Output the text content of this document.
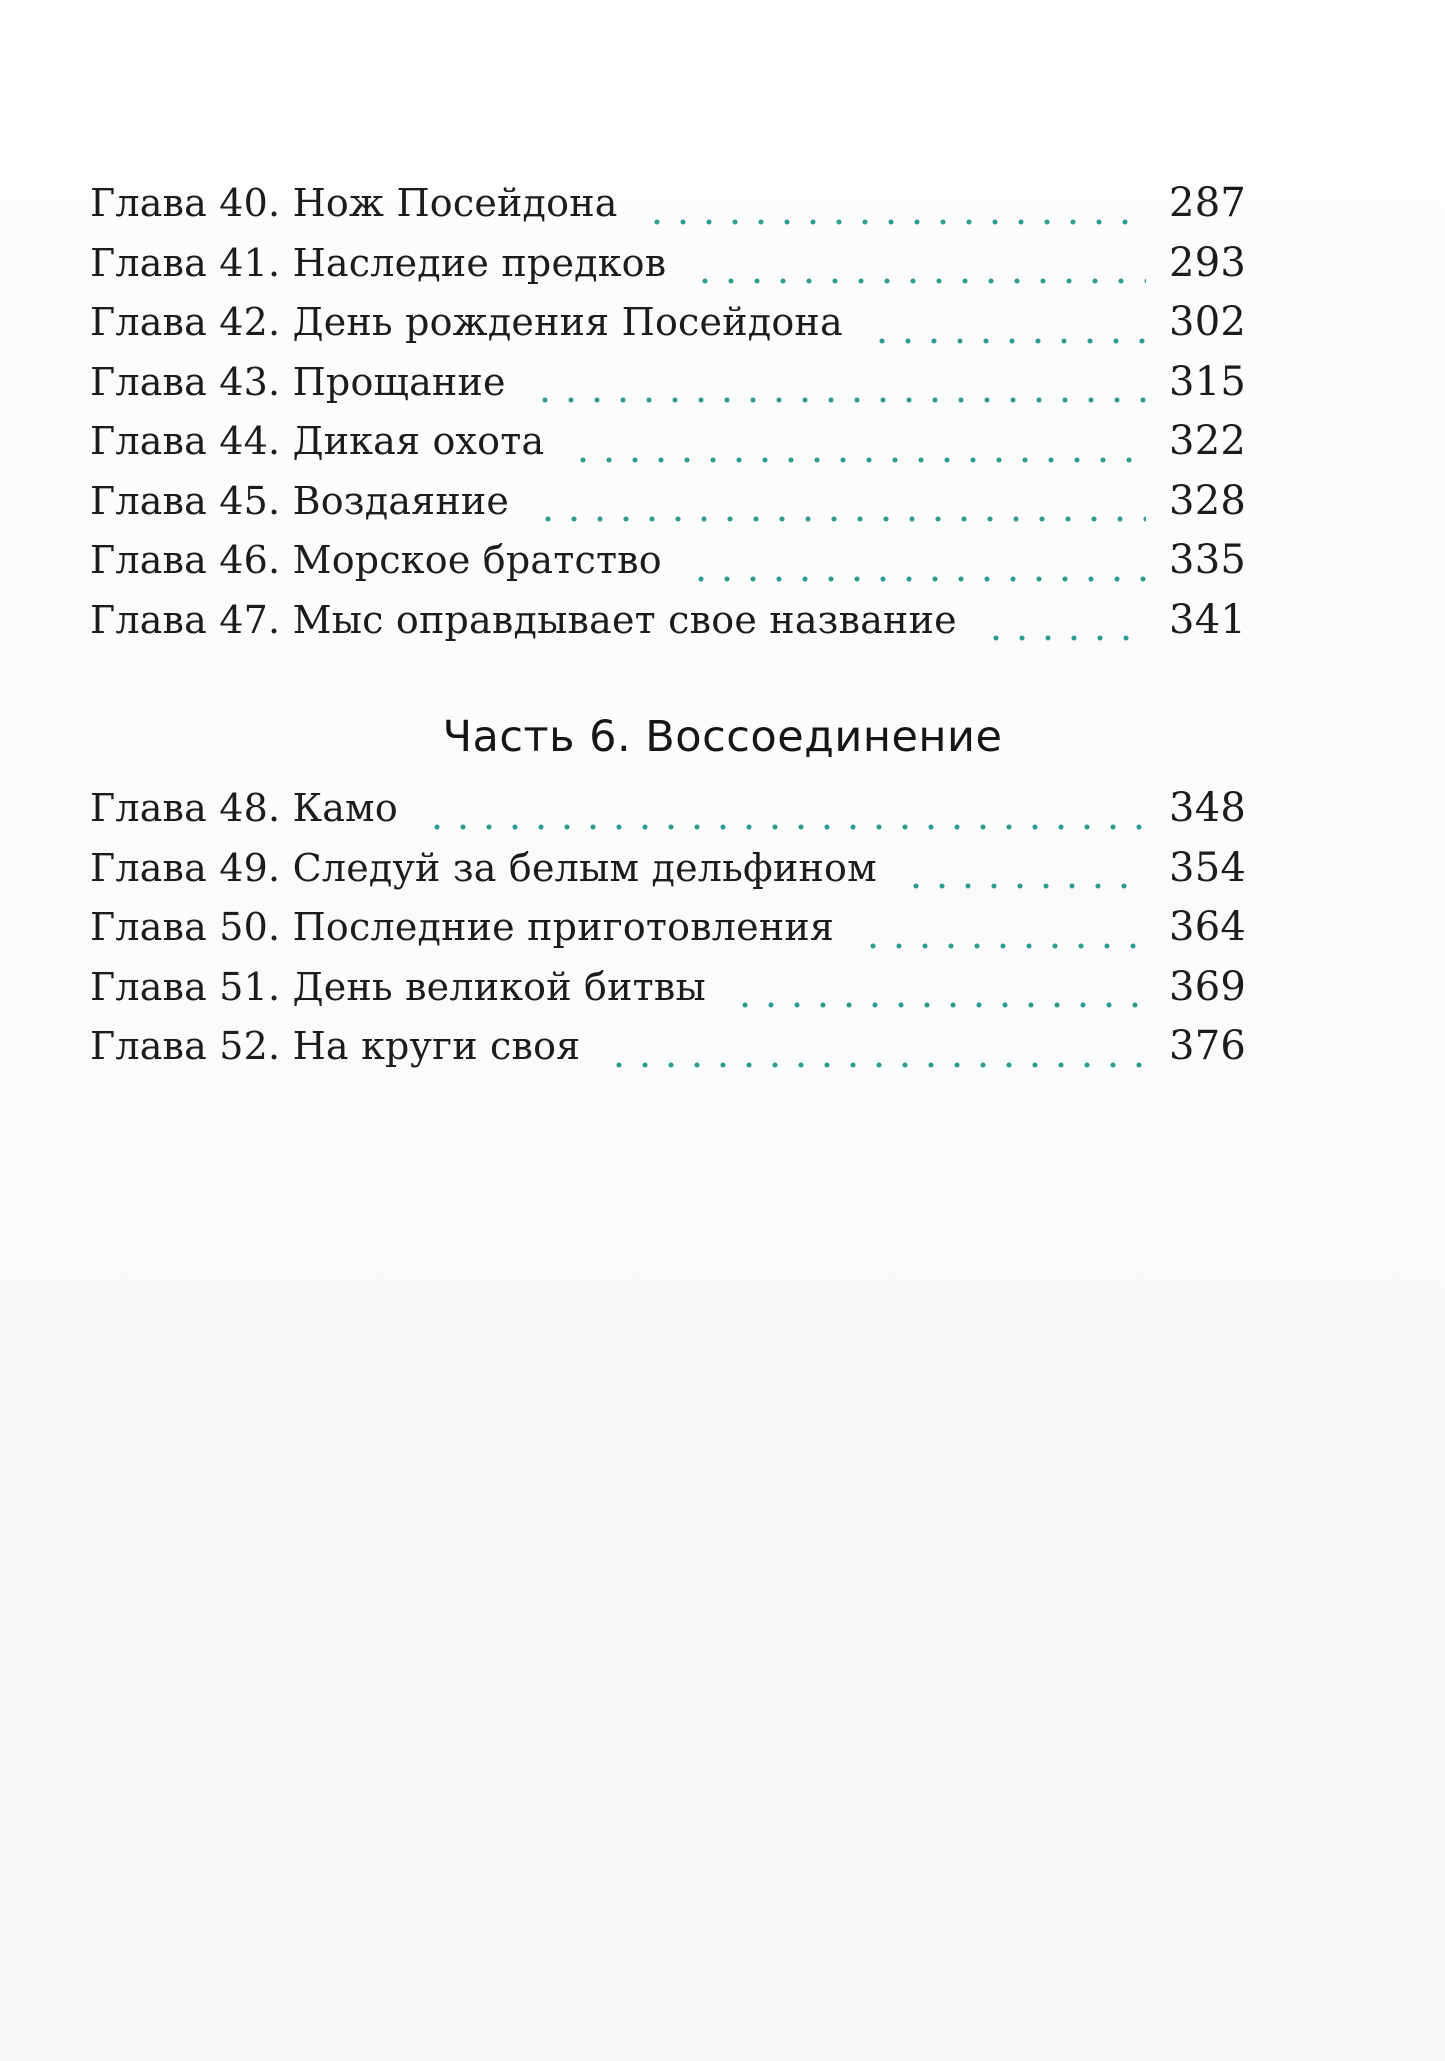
Глава 40. Нож Посейдона	287
Глава 41. Наследие предков	293
Глава 42. День рождения Посейдона	302
Глава 43. Прощание	315
Глава 44. Дикая охота	322
Глава 45. Воздаяние	328
Глава 46. Морское братство	335
Глава 47. Мыс оправдывает свое название	341
Часть 6. Воссоединение
Глава 48. Камо	348
Глава 49. Следуй за белым дельфином	354
Глава 50. Последние приготовления	364
Глава 51. День великой битвы	369
Глава 52. На круги своя	376
